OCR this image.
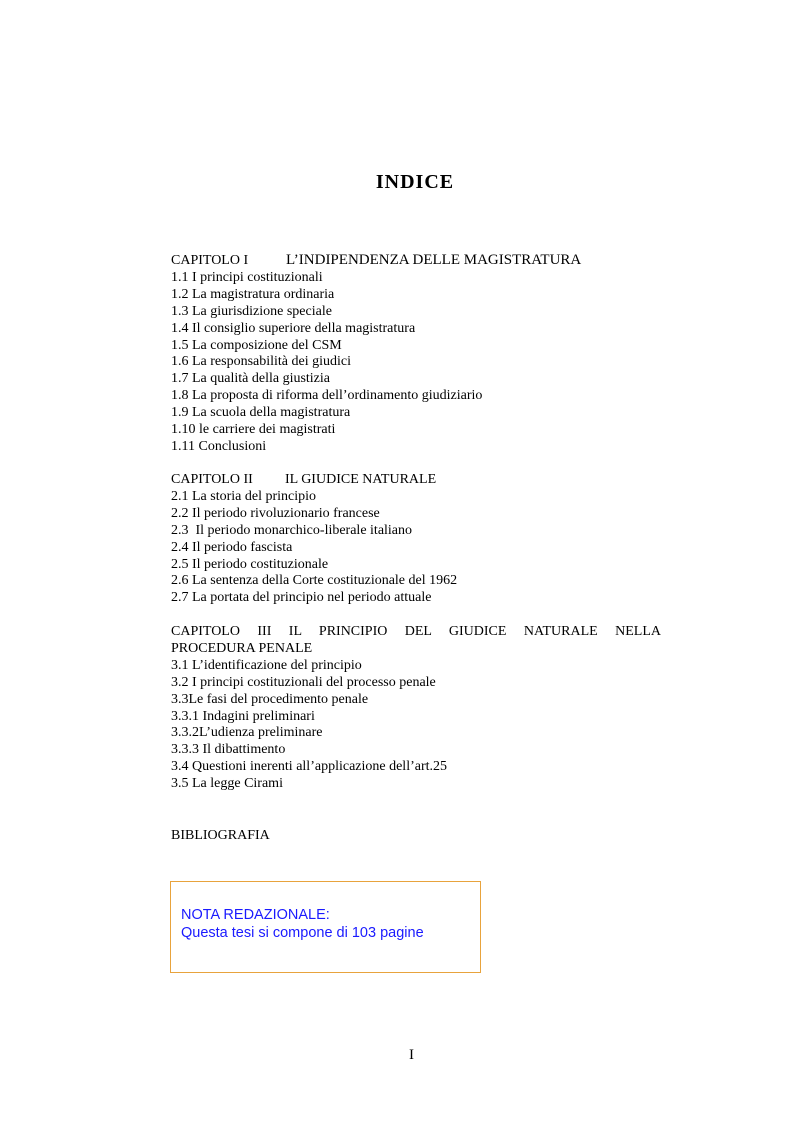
INDICE
CAPITOLO I	L’INDIPENDENZA DELLE MAGISTRATURA
1.1 I principi costituzionali
1.2 La magistratura ordinaria
1.3 La giurisdizione speciale
1.4 Il consiglio superiore della magistratura
1.5 La composizione del CSM
1.6 La responsabilità dei giudici
1.7 La qualità della giustizia
1.8 La proposta di riforma dell’ordinamento giudiziario
1.9 La scuola della magistratura
1.10 le carriere dei magistrati
1.11 Conclusioni
CAPITOLO II IL GIUDICE NATURALE
2.1 La storia del principio
2.2 Il periodo rivoluzionario francese
2.3  Il periodo monarchico-liberale italiano
2.4 Il periodo fascista
2.5 Il periodo costituzionale
2.6 La sentenza della Corte costituzionale del 1962
2.7 La portata del principio nel periodo attuale
CAPITOLO III IL PRINCIPIO DEL GIUDICE NATURALE NELLA
PROCEDURA PENALE
3.1 L’identificazione del principio
3.2 I principi costituzionali del processo penale
3.3Le fasi del procedimento penale
3.3.1 Indagini preliminari
3.3.2L’udienza preliminare
3.3.3 Il dibattimento
3.4 Questioni inerenti all’applicazione dell’art.25
3.5 La legge Cirami
BIBLIOGRAFIA
NOTA REDAZIONALE:
Questa tesi si compone di 103 pagine
I
